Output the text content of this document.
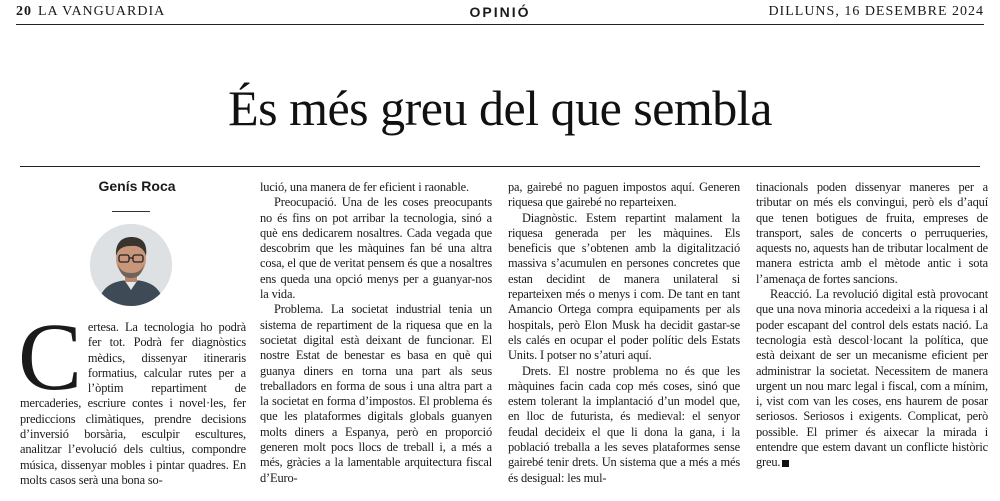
20 LA VANGUARDIA	OPINIÓ	DILLUNS, 16 DESEMBRE 2024
És més greu del que sembla
Genís Roca

Certesa. La tecnologia ho podrà fer tot. Podrà fer diagnòstics mèdics, dissenyar itineraris formatius, calcular rutes per a l’òptim repartiment de mercaderies, escriure contes i novel·les, fer prediccions climàtiques, prendre decisions d’inversió borsària, esculpir escultures, analitzar l’evolució dels cultius, compondre música, dissenyar mobles i pintar quadres. En molts casos serà una bona so-

lució, una manera de fer eficient i raonable.

Preocupació. Una de les coses preocupants no és fins on pot arribar la tecnologia, sinó a què ens dedicarem nosaltres. Cada vegada que descobrim que les màquines fan bé una altra cosa, el que de veritat pensem és que a nosaltres ens queda una opció menys per a guanyar-nos la vida.

Problema. La societat industrial tenia un sistema de repartiment de la riquesa que en la societat digital està deixant de funcionar. El nostre Estat de benestar es basa en què qui guanya diners en torna una part als seus treballadors en forma de sous i una altra part a la societat en forma d’impostos. El problema és que les plataformes digitals globals guanyen molts diners a Espanya, però en proporció generen molt pocs llocs de treball i, a més a més, gràcies a la lamentable arquitectura fiscal d’Euro-

pa, gairebé no paguen impostos aquí. Generen riquesa que gairebé no reparteixen.

Diagnòstic. Estem repartint malament la riquesa generada per les màquines. Els beneficis que s’obtenen amb la digitalització massiva s’acumulen en persones concretes que estan decidint de manera unilateral si reparteixen més o menys i com. De tant en tant Amancio Ortega compra equipaments per als hospitals, però Elon Musk ha decidit gastar-se els calés en ocupar el poder polític dels Estats Units. I potser no s’aturi aquí.

Drets. El nostre problema no és que les màquines facin cada cop més coses, sinó que estem tolerant la implantació d’un model que, en lloc de futurista, és medieval: el senyor feudal decideix el que li dona la gana, i la població treballa a les seves plataformes sense gairebé tenir drets. Un sistema que a més a més és desigual: les mul-

tinacionals poden dissenyar maneres per a tributar on més els convingui, però els d’aquí que tenen botigues de fruita, empreses de transport, sales de concerts o perruqueries, aquests no, aquests han de tributar localment de manera estricta amb el mètode antic i sota l’amenaça de fortes sancions.

Reacció. La revolució digital està provocant que una nova minoria accedeixi a la riquesa i al poder escapant del control dels estats nació. La tecnologia està descol·locant la política, que està deixant de ser un mecanisme eficient per administrar la societat. Necessitem de manera urgent un nou marc legal i fiscal, com a mínim, i, vist com van les coses, ens haurem de posar seriosos. Seriosos i exigents. Complicat, però possible. El primer és aixecar la mirada i entendre que estem davant un conflicte històric greu.
